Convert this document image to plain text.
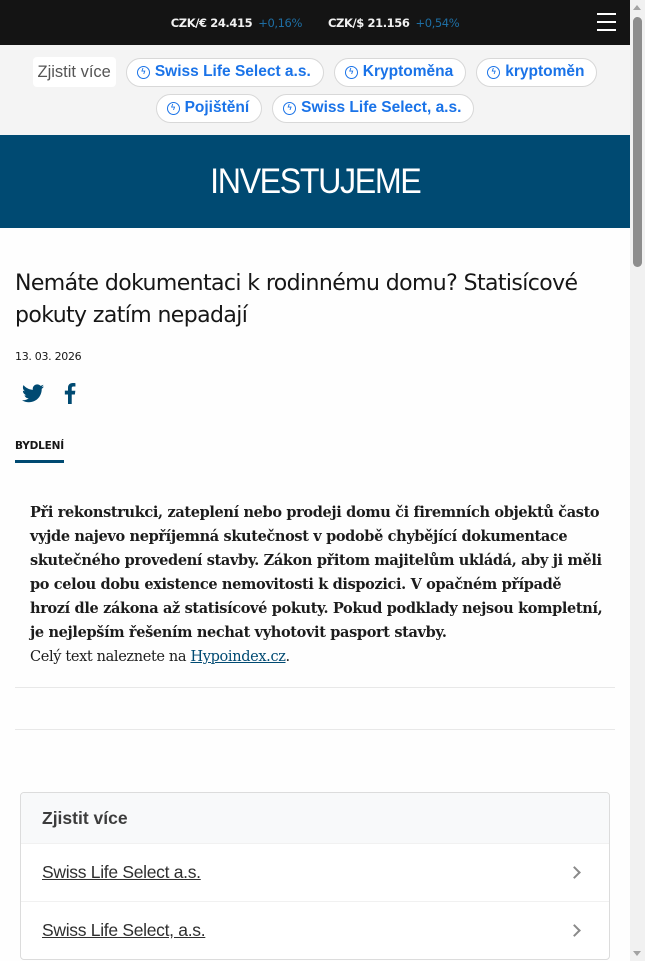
CZK/€ 24.415 +0,16% CZK/$ 21.156 +0,54%
Zjistit více	ϟ Swiss Life Select a.s.	ϟ Kryptoměna	ϟ kryptoměn
ϟ Pojištění	ϟ Swiss Life Select, a.s.
INVESTUJEME
Nemáte dokumentaci k rodinnému domu? Statisícové pokuty zatím nepadají
13. 03. 2026
BYDLENÍ

Při rekonstrukci, zateplení nebo prodeji domu či firemních objektů často vyjde najevo nepříjemná skutečnost v podobě chybějící dokumentace skutečného provedení stavby. Zákon přitom majitelům ukládá, aby ji měli po celou dobu existence nemovitosti k dispozici. V opačném případě hrozí dle zákona až statisícové pokuty. Pokud podklady nejsou kompletní, je nejlepším řešením nechat vyhotovit pasport stavby.

Celý text naleznete na Hypoindex.cz.

Zjistit více
Swiss Life Select a.s.
Swiss Life Select, a.s.
